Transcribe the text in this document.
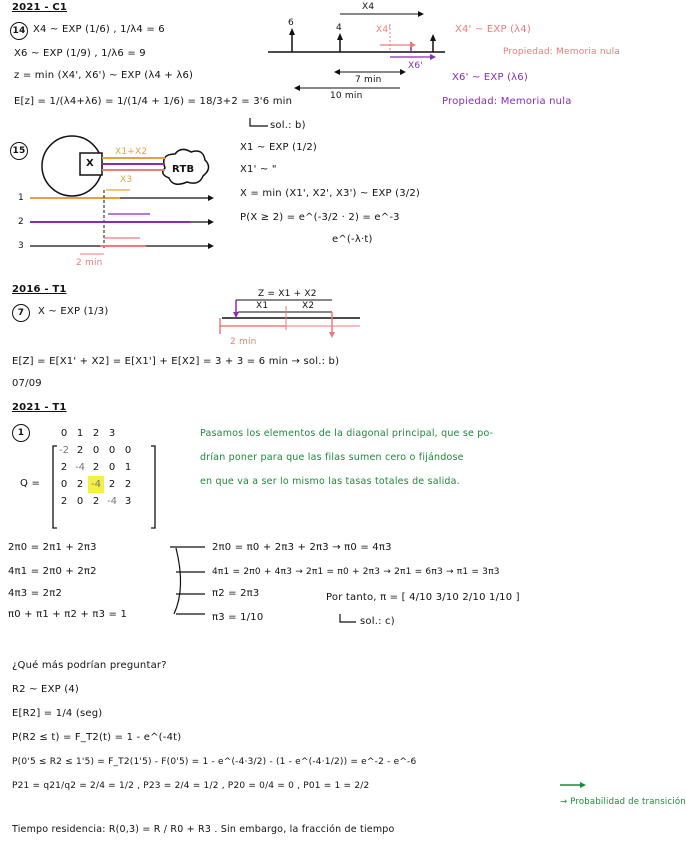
2021 - C1
14 X4 ~ EXP (1/6) , 1/λ4 = 6
X6 ~ EXP (1/9) , 1/λ6 = 9
z = min (X4', X6') ~ EXP (λ4 + λ6)
E[z] = 1/(λ4+λ6) = 1/(1/4 + 1/6) = 18/3+2 = 3'6 min
sol.: b)
X4
X4'
X6'
7 min
10 min
6	4	X4' ~ EXP (λ4)
Propiedad: Memoria nula
X6' ~ EXP (λ6)
Propiedad: Memoria nula
15
X
RTB
X1+X2
X3
1
2
3
2 min
X1 ~ EXP (1/2)
X1' ~ "
X = min (X1', X2', X3') ~ EXP (3/2)
P(X ≥ 2) = e^(-3/2 · 2) = e^-3
e^(-λ·t)
2016 - T1
7	X ~ EXP (1/3)
Z = X1 + X2
X1	X2
2 min
E[Z] = E[X1' + X2] = E[X1'] + E[X2] = 3 + 3 = 6 min → sol.: b)
07/09
2021 - T1
1
Q =
0	1	2	3	
-2	2	0	0	0
2	-4	2	0	1
0	2	-4	2	2
2	0	2	-4	3
Pasamos los elementos de la diagonal principal, que se po-
drían poner para que las filas sumen cero o fijándose
en que va a ser lo mismo las tasas totales de salida.
2π0 = 2π1 + 2π3
4π1 = 2π0 + 2π2
4π3 = 2π2
π0 + π1 + π2 + π3 = 1
2π0 = π0 + 2π3 + 2π3 → π0 = 4π3
4π1 = 2π0 + 4π3 → 2π1 = π0 + 2π3 → 2π1 = 6π3 → π1 = 3π3
π2 = 2π3
π3 = 1/10
Por tanto, π = [ 4/10 3/10 2/10 1/10 ]
sol.: c)
¿Qué más podrían preguntar?
R2 ~ EXP (4)
E[R2] = 1/4 (seg)
P(R2 ≤ t) = F_T2(t) = 1 - e^(-4t)
P(0'5 ≤ R2 ≤ 1'5) = F_T2(1'5) - F(0'5) = 1 - e^(-4·3/2) - (1 - e^(-4·1/2)) = e^-2 - e^-6
P21 = q21/q2 = 2/4 = 1/2 , P23 = 2/4 = 1/2 , P20 = 0/4 = 0 , P01 = 1 = 2/2
→ Probabilidad de transición
Tiempo residencia: R(0,3) = R / R0 + R3 . Sin embargo, la fracción de tiempo
